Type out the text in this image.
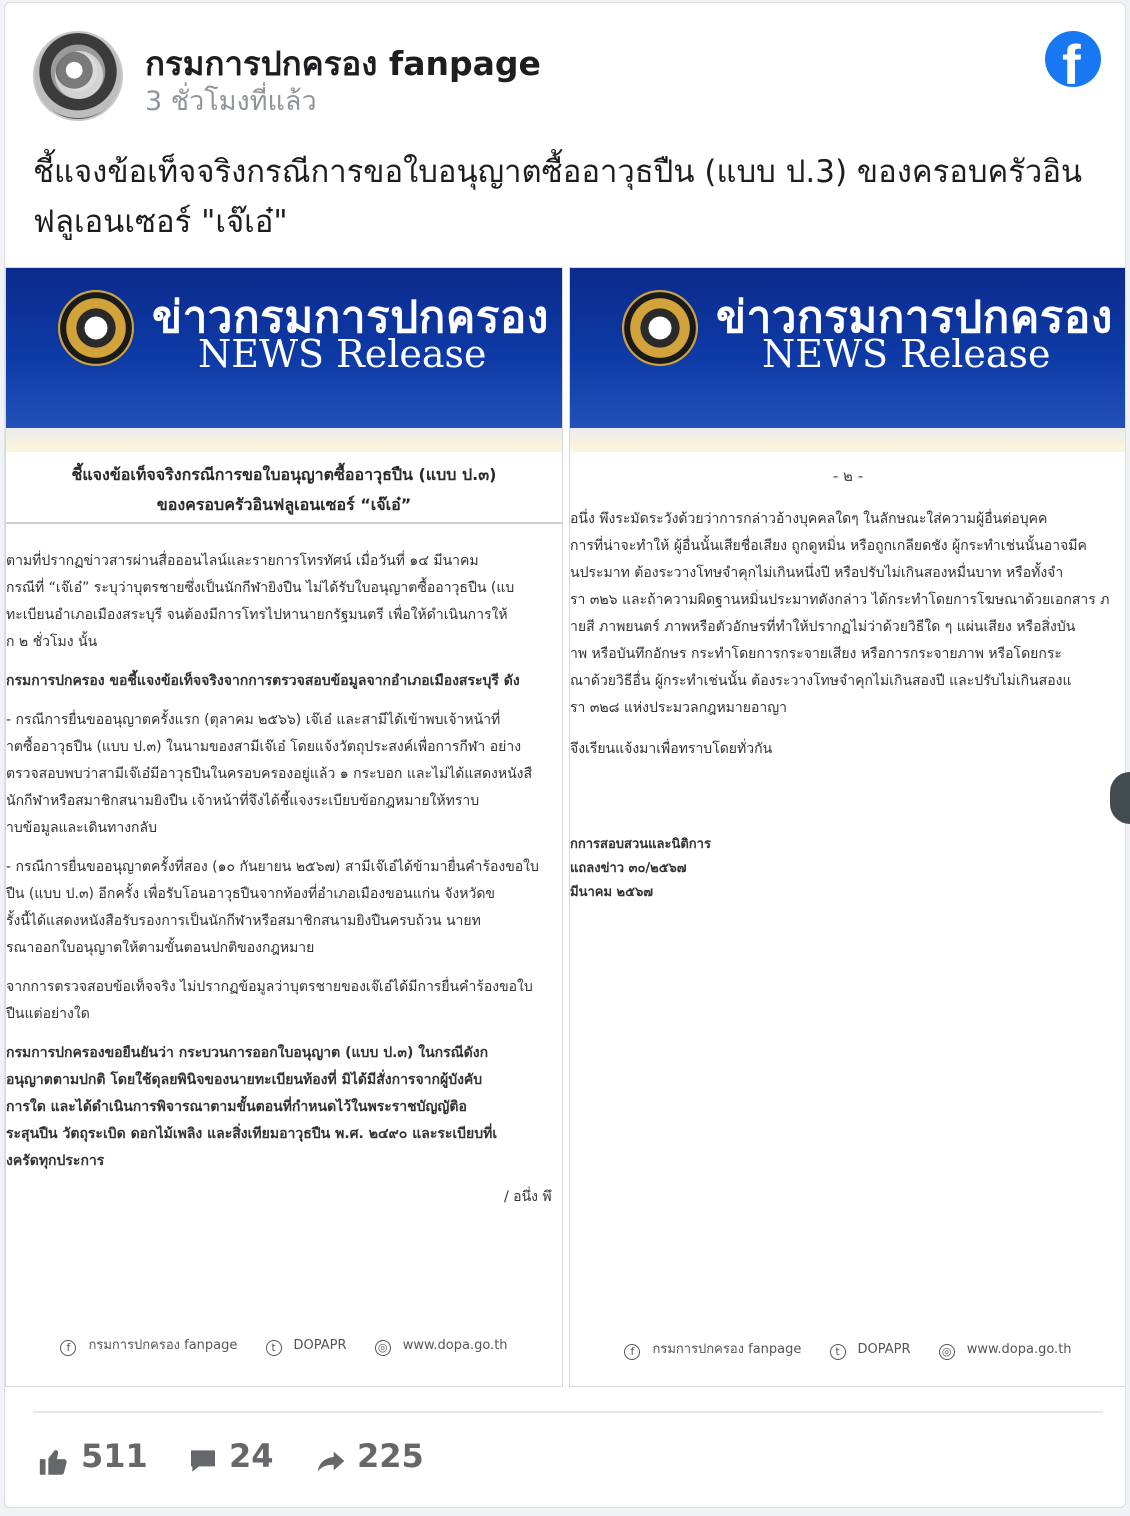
กรมการปกครอง fanpage
3 ชั่วโมงที่แล้ว
f
ชี้แจงข้อเท็จจริงกรณีการขอใบอนุญาตซื้ออาวุธปืน (แบบ ป.3) ของครอบครัวอินฟลูเอนเซอร์ "เจ๊เอ๋"
ข่าวกรมการปกครอง
NEWS Release
ชี้แจงข้อเท็จจริงกรณีการขอใบอนุญาตซื้ออาวุธปืน (แบบ ป.๓)
ของครอบครัวอินฟลูเอนเซอร์ “เจ๊เอ๋”
ตามที่ปรากฏข่าวสารผ่านสื่อออนไลน์และรายการโทรทัศน์ เมื่อวันที่ ๑๔ มีนาคม
กรณีที่ “เจ๊เอ๋” ระบุว่าบุตรชายซึ่งเป็นนักกีฬายิงปืน ไม่ได้รับใบอนุญาตซื้ออาวุธปืน (แบ
ทะเบียนอำเภอเมืองสระบุรี จนต้องมีการโทรไปหานายกรัฐมนตรี เพื่อให้ดำเนินการให้
ก ๒ ชั่วโมง นั้น
กรมการปกครอง ขอชี้แจงข้อเท็จจริงจากการตรวจสอบข้อมูลจากอำเภอเมืองสระบุรี ดัง
- กรณีการยื่นขออนุญาตครั้งแรก (ตุลาคม ๒๕๖๖) เจ๊เอ๋ และสามีได้เข้าพบเจ้าหน้าที่
าตซื้ออาวุธปืน (แบบ ป.๓) ในนามของสามีเจ๊เอ๋ โดยแจ้งวัตถุประสงค์เพื่อการกีฬา อย่าง
ตรวจสอบพบว่าสามีเจ๊เอ๋มีอาวุธปืนในครอบครองอยู่แล้ว ๑ กระบอก และไม่ได้แสดงหนังสื
นักกีฬาหรือสมาชิกสนามยิงปืน เจ้าหน้าที่จึงได้ชี้แจงระเบียบข้อกฎหมายให้ทราบ
าบข้อมูลและเดินทางกลับ
- กรณีการยื่นขออนุญาตครั้งที่สอง (๑๐ กันยายน ๒๕๖๗) สามีเจ๊เอ๋ได้ข้ามายื่นคำร้องขอใบ
ปืน (แบบ ป.๓) อีกครั้ง เพื่อรับโอนอาวุธปืนจากท้องที่อำเภอเมืองขอนแก่น จังหวัดข
รั้งนี้ได้แสดงหนังสือรับรองการเป็นนักกีฬาหรือสมาชิกสนามยิงปืนครบถ้วน นายท
รณาออกใบอนุญาตให้ตามขั้นตอนปกติของกฎหมาย
จากการตรวจสอบข้อเท็จจริง ไม่ปรากฏข้อมูลว่าบุตรชายของเจ๊เอ๋ได้มีการยื่นคำร้องขอใบ
ปืนแต่อย่างใด
กรมการปกครองขอยืนยันว่า กระบวนการออกใบอนุญาต (แบบ ป.๓) ในกรณีดังก
อนุญาตตามปกติ โดยใช้ดุลยพินิจของนายทะเบียนท้องที่ มิได้มีสั่งการจากผู้บังคับ
การใด และได้ดำเนินการพิจารณาตามขั้นตอนที่กำหนดไว้ในพระราชบัญญัติอ
ระสุนปืน วัตถุระเบิด ดอกไม้เพลิง และสิ่งเทียมอาวุธปืน พ.ศ. ๒๔๙๐ และระเบียบที่เ
งครัดทุกประการ
/ อนึ่ง พึ
f กรมการปกครอง fanpage	t DOPAPR	◎ www.dopa.go.th
ข่าวกรมการปกครอง
NEWS Release
- ๒ -
อนึ่ง พึงระมัดระวังด้วยว่าการกล่าวอ้างบุคคลใดๆ ในลักษณะใส่ความผู้อื่นต่อบุคค
การที่น่าจะทำให้ ผู้อื่นนั้นเสียชื่อเสียง ถูกดูหมิ่น หรือถูกเกลียดชัง ผู้กระทำเช่นนั้นอาจมีค
นประมาท ต้องระวางโทษจำคุกไม่เกินหนึ่งปี หรือปรับไม่เกินสองหมื่นบาท หรือทั้งจำ
รา ๓๒๖ และถ้าความผิดฐานหมิ่นประมาทดังกล่าว ได้กระทำโดยการโฆษณาด้วยเอกสาร ภ
ายสี ภาพยนตร์ ภาพหรือตัวอักษรที่ทำให้ปรากฏไม่ว่าด้วยวิธีใด ๆ แผ่นเสียง หรือสิ่งบัน
าพ หรือบันทึกอักษร กระทำโดยการกระจายเสียง หรือการกระจายภาพ หรือโดยกระ
ณาด้วยวิธีอื่น ผู้กระทำเช่นนั้น ต้องระวางโทษจำคุกไม่เกินสองปี และปรับไม่เกินสองแ
รา ๓๒๘ แห่งประมวลกฎหมายอาญา
จึงเรียนแจ้งมาเพื่อทราบโดยทั่วกัน
กการสอบสวนและนิติการ
แถลงข่าว ๓๐/๒๕๖๗
มีนาคม ๒๕๖๗
f กรมการปกครอง fanpage	t DOPAPR	◎ www.dopa.go.th
511	24	225
